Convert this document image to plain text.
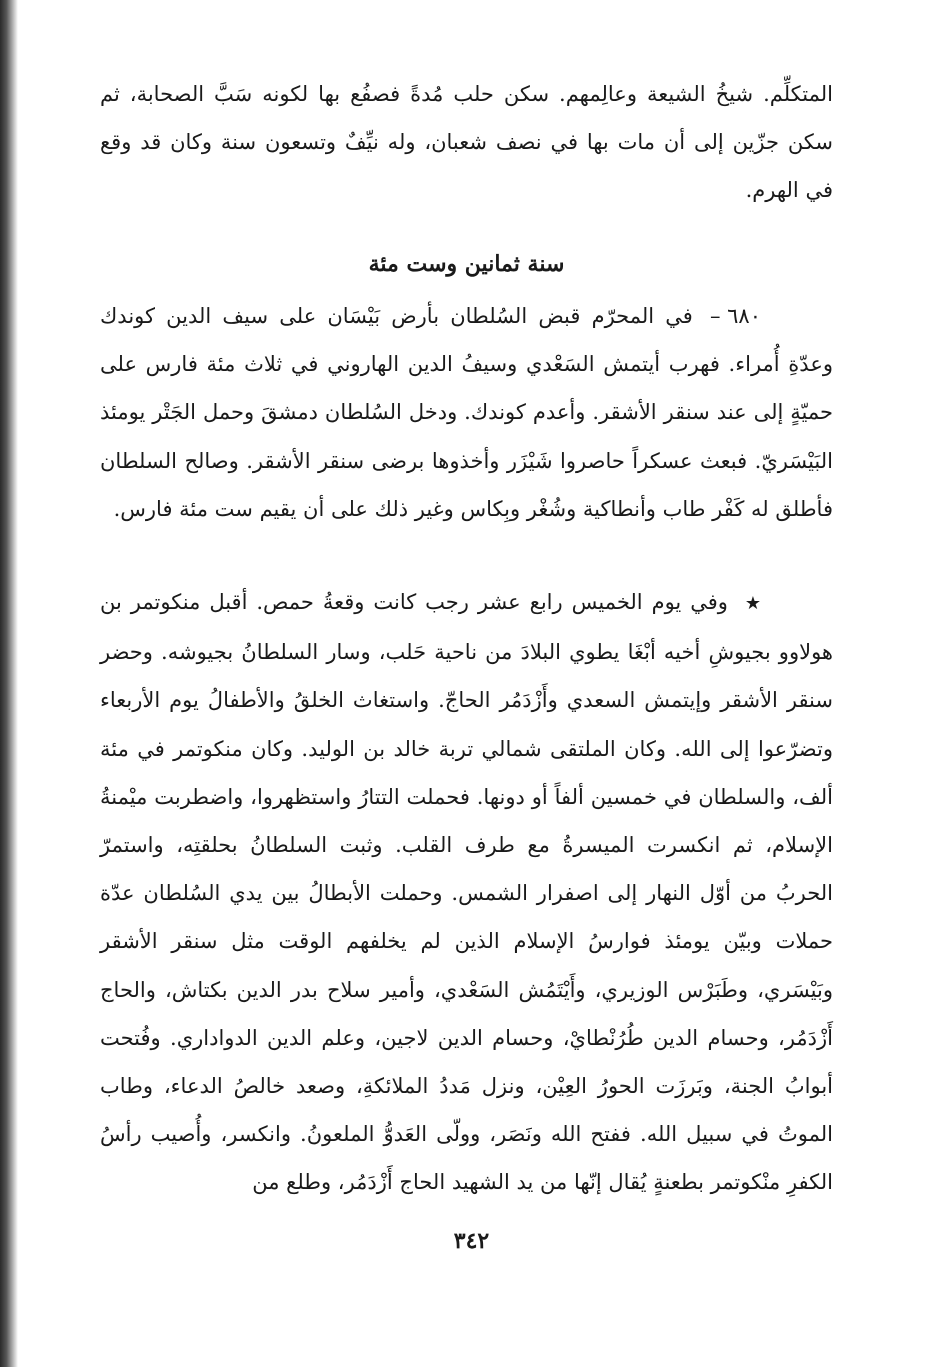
المتكلِّم. شيخُ الشيعة وعالِمهم. سكن حلب مُدةً فصفُع بها لكونه سَبَّ الصحابة، ثم سكن جزّين إلى أن مات بها في نصف شعبان، وله نيِّفٌ وتسعون سنة وكان قد وقع في الهرم.
سنة ثمانين وست مئة
٦٨٠ – في المحرّم قبض السُلطان بأرض بَيْسَان على سيف الدين كوندك وعدّةِ أُمراء. فهرب أيتمش السَعْدي وسيفُ الدين الهاروني في ثلاث مئة فارس على حميّةٍ إلى عند سنقر الأشقر. وأعدم كوندك. ودخل السُلطان دمشقَ وحمل الجَتْر يومئذ البَيْسَريّ. فبعث عسكراً حاصروا شَيْزَر وأخذوها برضى سنقر الأشقر. وصالح السلطان فأطلق له كَفْر طاب وأنطاكية وشُغْر وبِكاس وغير ذلك على أن يقيم ست مئة فارس.
★ وفي يوم الخميس رابع عشر رجب كانت وقعةُ حمص. أقبل منكوتمر بن هولاوو بجيوشِ أخيه أبْغَا يطوي البلادَ من ناحية حَلب، وسار السلطانُ بجيوشه. وحضر سنقر الأشقر وإيتمش السعدي وأَزْدَمُر الحاجّ. واستغاث الخلقُ والأطفالُ يوم الأربعاء وتضرّعوا إلى الله. وكان الملتقى شمالي تربة خالد بن الوليد. وكان منكوتمر في مئة ألف، والسلطان في خمسين ألفاً أو دونها. فحملت التتارُ واستظهروا، واضطربت ميْمنةُ الإسلام، ثم انكسرت الميسرةُ مع طرف القلب. وثبت السلطانُ بحلقتِه، واستمرّ الحربُ من أوّل النهار إلى اصفرار الشمس. وحملت الأبطالُ بين يدي السُلطان عدّة حملات وبيّن يومئذ فوارسُ الإسلام الذين لم يخلفهم الوقت مثل سنقر الأشقر وبَيْسَري، وطَبَرْس الوزيري، وأَيْتَمُش السَعْدي، وأمير سلاح بدر الدين بكتاش، والحاج أَزْدَمُر، وحسام الدين طُرُنْطايْ، وحسام الدين لاجين، وعلم الدين الدواداري. وفُتحت أبوابُ الجنة، وبَرزَت الحورُ العِيْن، ونزل مَددُ الملائكةِ، وصعد خالصُ الدعاء، وطاب الموتُ في سبيل الله. ففتح الله ونَصَر، وولّى العَدوُّ الملعونُ. وانكسر، وأُصيب رأسُ الكفرِ منْكوتمر بطعنةٍ يُقال إنّها من يد الشهيد الحاج أَزْدَمُر، وطلع من
٣٤٢
